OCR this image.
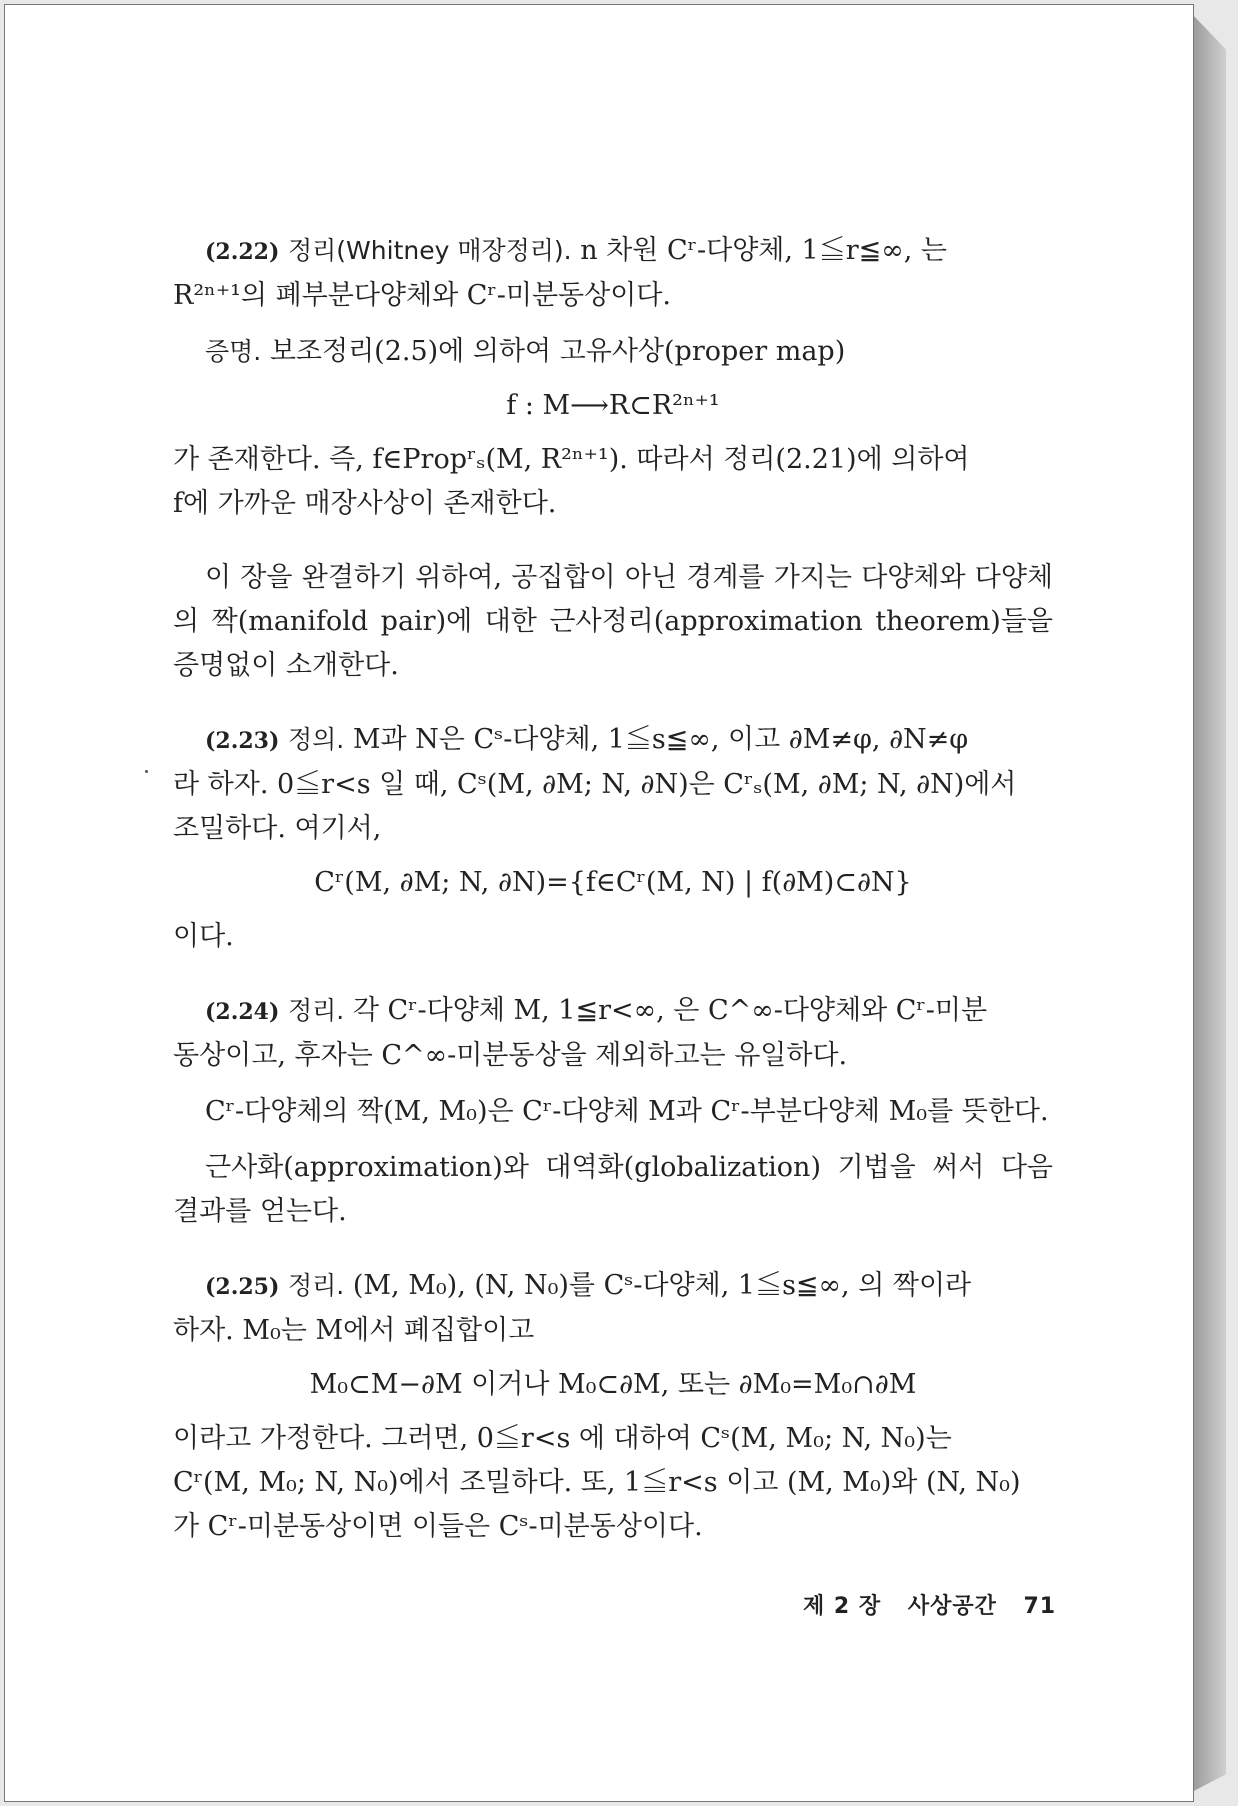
(2.22) 정리(Whitney 매장정리). n 차원 Cʳ-다양체, 1≦r≦∞, 는
R²ⁿ⁺¹의 폐부분다양체와 Cʳ-미분동상이다.
증명. 보조정리(2.5)에 의하여 고유사상(proper map)
f : M⟶R⊂R²ⁿ⁺¹
가 존재한다. 즉, f∈Propʳₛ(M, R²ⁿ⁺¹). 따라서 정리(2.21)에 의하여
f에 가까운 매장사상이 존재한다.
이 장을 완결하기 위하여, 공집합이 아닌 경계를 가지는 다양체와 다양체의 짝(manifold pair)에 대한 근사정리(approximation theorem)들을 증명없이 소개한다.
(2.23) 정의. M과 N은 Cˢ-다양체, 1≦s≦∞, 이고 ∂M≠φ, ∂N≠φ
라 하자. 0≦r<s 일 때, Cˢ(M, ∂M; N, ∂N)은 Cʳₛ(M, ∂M; N, ∂N)에서
조밀하다. 여기서,
Cʳ(M, ∂M; N, ∂N)={f∈Cʳ(M, N) | f(∂M)⊂∂N}
이다.
(2.24) 정리. 각 Cʳ-다양체 M, 1≦r<∞, 은 C^∞-다양체와 Cʳ-미분
동상이고, 후자는 C^∞-미분동상을 제외하고는 유일하다.
Cʳ-다양체의 짝(M, M₀)은 Cʳ-다양체 M과 Cʳ-부분다양체 M₀를 뜻한다.
근사화(approximation)와 대역화(globalization) 기법을 써서 다음 결과를 얻는다.
(2.25) 정리. (M, M₀), (N, N₀)를 Cˢ-다양체, 1≦s≦∞, 의 짝이라
하자. M₀는 M에서 폐집합이고
M₀⊂M−∂M 이거나 M₀⊂∂M, 또는 ∂M₀=M₀∩∂M
이라고 가정한다. 그러면, 0≦r<s 에 대하여 Cˢ(M, M₀; N, N₀)는
Cʳ(M, M₀; N, N₀)에서 조밀하다. 또, 1≦r<s 이고 (M, M₀)와 (N, N₀)
가 Cʳ-미분동상이면 이들은 Cˢ-미분동상이다.
제 2 장 사상공간 71
